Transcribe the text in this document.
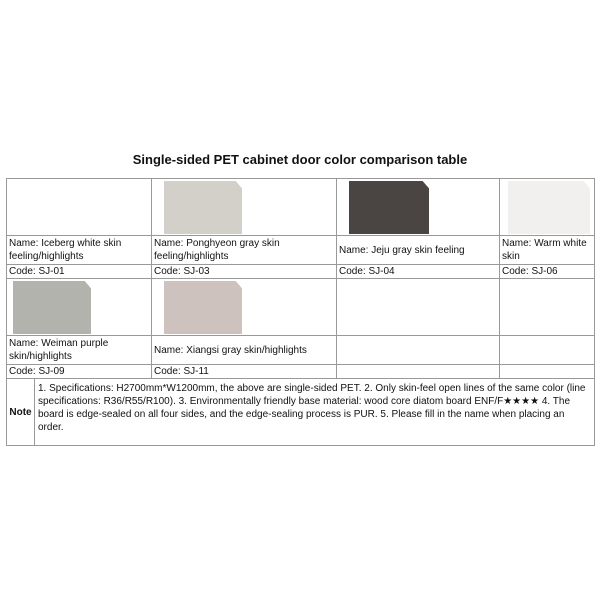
Single-sided PET cabinet door color comparison table

Name: Iceberg white skin feeling/highlights		Name: Ponghyeon gray skin feeling/highlights	Name: Jeju gray skin feeling	Name: Warm white skin
Code: SJ-01		Code: SJ-03	Code: SJ-04	Code: SJ-06

Name: Weiman purple skin/highlights		Name: Xiangsi gray skin/highlights		
Code: SJ-09		Code: SJ-11		
Note	1. Specifications: H2700mm*W1200mm, the above are single-sided PET. 2. Only skin-feel open lines of the same color (line specifications: R36/R55/R100). 3. Environmentally friendly base material: wood core diatom board ENF/F★★★★ 4. The board is edge-sealed on all four sides, and the edge-sealing process is PUR. 5. Please fill in the name when placing an order.			
